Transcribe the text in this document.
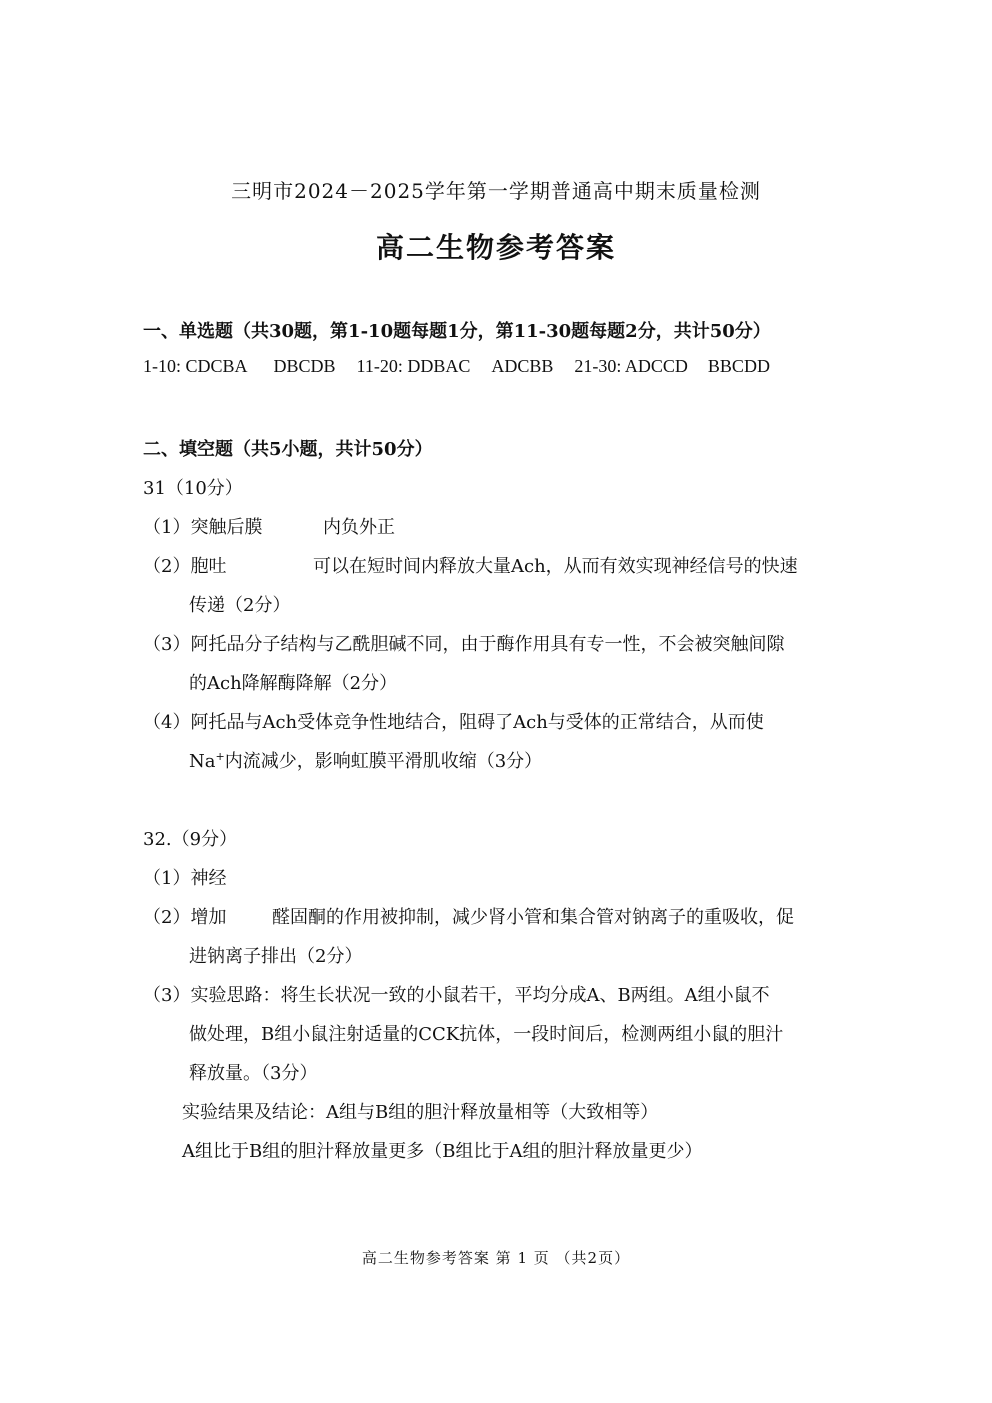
三明市2024－2025学年第一学期普通高中期末质量检测
高二生物参考答案
一、单选题（共30题，第1-10题每题1分，第11-30题每题2分，共计50分）
1-10: CDCBA DBCDB 11-20: DDBAC ADCBB 21-30: ADCCD BBCDD
二、填空题（共5小题，共计50分）
31（10分）
（1）突触后膜	内负外正
（2）胞吐	可以在短时间内释放大量Ach，从而有效实现神经信号的快速
传递（2分）
（3）阿托品分子结构与乙酰胆碱不同，由于酶作用具有专一性，不会被突触间隙
的Ach降解酶降解（2分）
（4）阿托品与Ach受体竞争性地结合，阻碍了Ach与受体的正常结合，从而使
Na+内流减少，影响虹膜平滑肌收缩（3分）
32.（9分）
（1）神经
（2）增加	醛固酮的作用被抑制，减少肾小管和集合管对钠离子的重吸收，促
进钠离子排出（2分）
（3）实验思路：将生长状况一致的小鼠若干，平均分成A、B两组。A组小鼠不
做处理，B组小鼠注射适量的CCK抗体，一段时间后，检测两组小鼠的胆汁
释放量。（3分）
实验结果及结论：A组与B组的胆汁释放量相等（大致相等）
A组比于B组的胆汁释放量更多（B组比于A组的胆汁释放量更少）
高二生物参考答案 第 1 页 （共2页）
